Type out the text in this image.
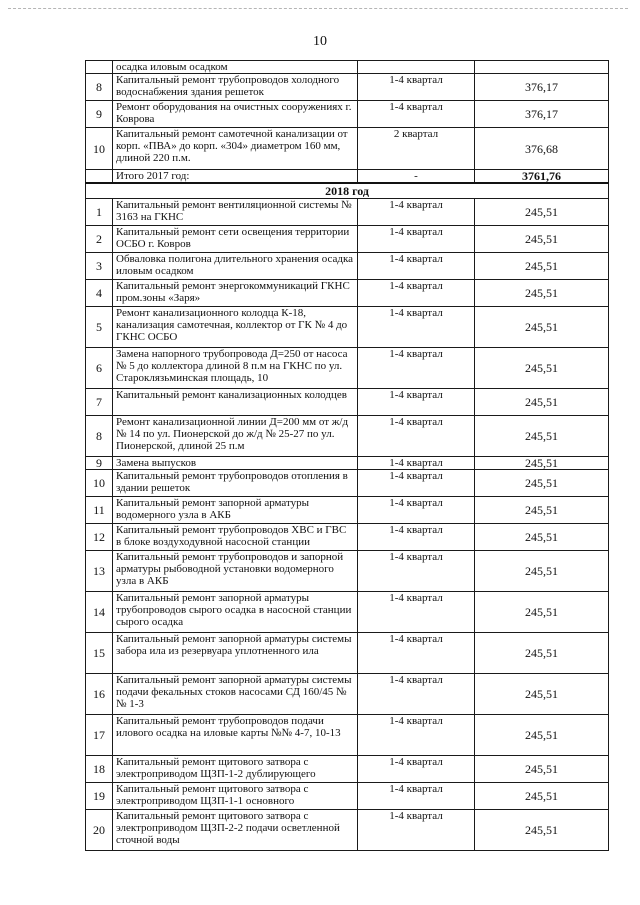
10
	осадка иловым осадком		
8	Капитальный ремонт трубопроводов холодного водоснабжения здания решеток	1-4 квартал	376,17
9	Ремонт оборудования на очистных сооружениях г. Коврова	1-4 квартал	376,17
10	Капитальный ремонт самотечной канализации от корп. «ПВА» до корп. «304» диаметром 160 мм, длиной 220 п.м.	2 квартал	376,68
	Итого 2017 год:	-	3761,76
2018 год			
1	Капитальный ремонт вентиляционной системы № 3163 на ГКНС	1-4 квартал	245,51
2	Капитальный ремонт сети освещения территории ОСБО г. Ковров	1-4 квартал	245,51
3	Обваловка полигона длительного хранения осадка иловым осадком	1-4 квартал	245,51
4	Капитальный ремонт энергокоммуникаций ГКНС пром.зоны «Заря»	1-4 квартал	245,51
5	Ремонт канализационного колодца К-18, канализация самотечная, коллектор от ГК № 4 до ГКНС ОСБО	1-4 квартал	245,51
6	Замена напорного трубопровода Д=250 от насоса № 5 до коллектора длиной 8 п.м на ГКНС по ул. Староклязьминская площадь, 10	1-4 квартал	245,51
7	Капитальный ремонт канализационных колодцев	1-4 квартал	245,51
8	Ремонт канализационной линии Д=200 мм от ж/д № 14 по ул. Пионерской до ж/д № 25-27 по ул. Пионерской, длиной 25 п.м	1-4 квартал	245,51
9	Замена выпусков	1-4 квартал	245,51
10	Капитальный ремонт трубопроводов отопления в здании решеток	1-4 квартал	245,51
11	Капитальный ремонт запорной арматуры водомерного узла в АКБ	1-4 квартал	245,51
12	Капитальный ремонт трубопроводов ХВС и ГВС в блоке воздуходувной насосной станции	1-4 квартал	245,51
13	Капитальный ремонт трубопроводов и запорной арматуры рыбоводной установки водомерного узла в АКБ	1-4 квартал	245,51
14	Капитальный ремонт запорной арматуры трубопроводов сырого осадка в насосной станции сырого осадка	1-4 квартал	245,51
15	Капитальный ремонт запорной арматуры системы забора ила из резервуара уплотненного ила	1-4 квартал	245,51
16	Капитальный ремонт запорной арматуры системы подачи фекальных стоков насосами СД 160/45 №№ 1-3	1-4 квартал	245,51
17	Капитальный ремонт трубопроводов подачи илового осадка на иловые карты №№ 4-7, 10-13	1-4 квартал	245,51
18	Капитальный ремонт щитового затвора с электроприводом ЩЗП-1-2 дублирующего	1-4 квартал	245,51
19	Капитальный ремонт щитового затвора с электроприводом ЩЗП-1-1 основного	1-4 квартал	245,51
20	Капитальный ремонт щитового затвора с электроприводом ЩЗП-2-2 подачи осветленной сточной воды	1-4 квартал	245,51
